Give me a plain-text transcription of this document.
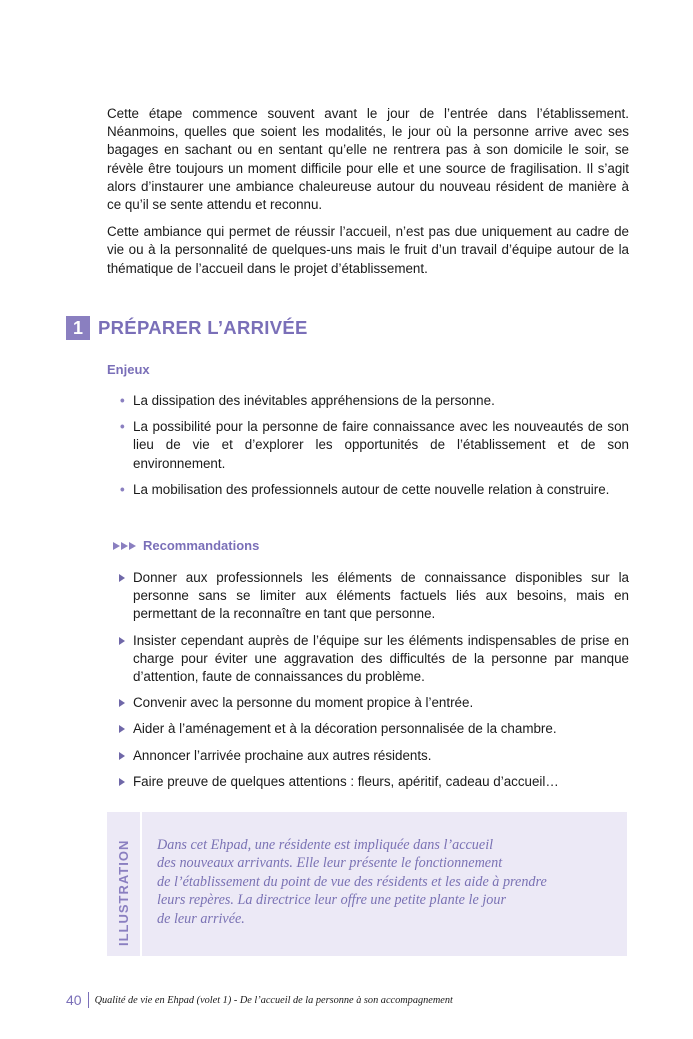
Cette étape commence souvent avant le jour de l’entrée dans l’établissement. Néanmoins, quelles que soient les modalités, le jour où la personne arrive avec ses bagages en sachant ou en sentant qu’elle ne rentrera pas à son domicile le soir, se révèle être toujours un moment difficile pour elle et une source de fragilisation. Il s’agit alors d’instaurer une ambiance chaleureuse autour du nouveau résident de manière à ce qu’il se sente attendu et reconnu.

Cette ambiance qui permet de réussir l’accueil, n’est pas due uniquement au cadre de vie ou à la personnalité de quelques-uns mais le fruit d’un travail d’équipe autour de la thématique de l’accueil dans le projet d’établissement.

1 PRÉPARER L’ARRIVÉE
Enjeux
• La dissipation des inévitables appréhensions de la personne.
• La possibilité pour la personne de faire connaissance avec les nouveautés de son lieu de vie et d’explorer les opportunités de l’établissement et de son environnement.
• La mobilisation des professionnels autour de cette nouvelle relation à construire.
Recommandations
Donner aux professionnels les éléments de connaissance disponibles sur la personne sans se limiter aux éléments factuels liés aux besoins, mais en permettant de la reconnaître en tant que personne.
Insister cependant auprès de l’équipe sur les éléments indispensables de prise en charge pour éviter une aggravation des difficultés de la personne par manque d’attention, faute de connaissances du problème.
Convenir avec la personne du moment propice à l’entrée.
Aider à l’aménagement et à la décoration personnalisée de la chambre.
Annoncer l’arrivée prochaine aux autres résidents.
Faire preuve de quelques attentions : fleurs, apéritif, cadeau d’accueil…
ILLUSTRATION Dans cet Ehpad, une résidente est impliquée dans l’accueil
des nouveaux arrivants. Elle leur présente le fonctionnement
de l’établissement du point de vue des résidents et les aide à prendre
leurs repères. La directrice leur offre une petite plante le jour
de leur arrivée.
40 Qualité de vie en Ehpad (volet 1) - De l’accueil de la personne à son accompagnement
